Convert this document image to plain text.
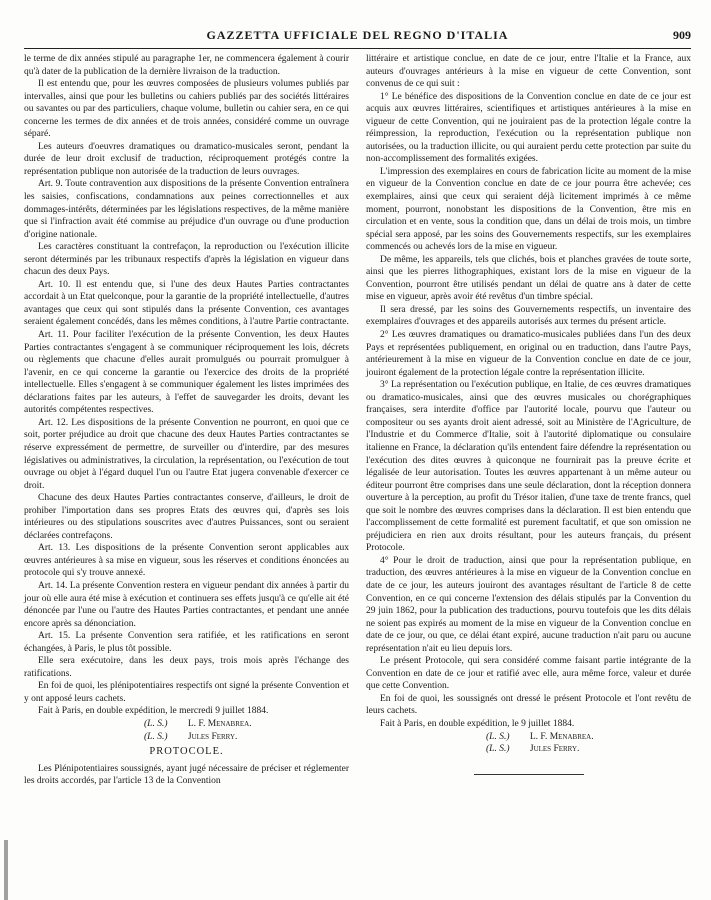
GAZZETTA UFFICIALE DEL REGNO D'ITALIA	909

le terme de dix années stipulé au paragraphe 1er, ne commencera également à courir qu'à dater de la publication de la dernière livraison de la traduction.

Il est entendu que, pour les œuvres composées de plusieurs volumes publiés par intervalles, ainsi que pour les bulletins ou cahiers publiés par des sociétés littéraires ou savantes ou par des particuliers, chaque volume, bulletin ou cahier sera, en ce qui concerne les termes de dix années et de trois années, considéré comme un ouvrage séparé.

Les auteurs d'oeuvres dramatiques ou dramatico-musicales seront, pendant la durée de leur droit exclusif de traduction, réciproquement protégés contre la représentation publique non autorisée de la traduction de leurs ouvrages.

Art. 9. Toute contravention aux dispositions de la présente Convention entraînera les saisies, confiscations, condamnations aux peines correctionnelles et aux dommages-intérêts, déterminées par les législations respectives, de la même manière que si l'infraction avait été commise au préjudice d'un ouvrage ou d'une production d'origine nationale.

Les caractères constituant la contrefaçon, la reproduction ou l'exécution illicite seront déterminés par les tribunaux respectifs d'après la législation en vigueur dans chacun des deux Pays.

Art. 10. Il est entendu que, si l'une des deux Hautes Parties contractantes accordait à un Etat quelconque, pour la garantie de la propriété intellectuelle, d'autres avantages que ceux qui sont stipulés dans la présente Convention, ces avantages seraient également concédés, dans les mêmes conditions, à l'autre Partie contractante.

Art. 11. Pour faciliter l'exécution de la présente Convention, les deux Hautes Parties contractantes s'engagent à se communiquer réciproquement les lois, décrets ou règlements que chacune d'elles aurait promulgués ou pourrait promulguer à l'avenir, en ce qui concerne la garantie ou l'exercice des droits de la propriété intellectuelle. Elles s'engagent à se communiquer également les listes imprimées des déclarations faites par les auteurs, à l'effet de sauvegarder les droits, devant les autorités compétentes respectives.

Art. 12. Les dispositions de la présente Convention ne pourront, en quoi que ce soit, porter préjudice au droit que chacune des deux Hautes Parties contractantes se réserve expressément de permettre, de surveiller ou d'interdire, par des mesures législatives ou administratives, la circulation, la représentation, ou l'exécution de tout ouvrage ou objet à l'égard duquel l'un ou l'autre Etat jugera convenable d'exercer ce droit.

Chacune des deux Hautes Parties contractantes conserve, d'ailleurs, le droit de prohiber l'importation dans ses propres Etats des œuvres qui, d'après ses lois intérieures ou des stipulations souscrites avec d'autres Puissances, sont ou seraient déclarées contrefaçons.

Art. 13. Les dispositions de la présente Convention seront applicables aux œuvres antérieures à sa mise en vigueur, sous les réserves et conditions énoncées au protocole qui s'y trouve annexé.

Art. 14. La présente Convention restera en vigueur pendant dix années à partir du jour où elle aura été mise à exécution et continuera ses effets jusqu'à ce qu'elle ait été dénoncée par l'une ou l'autre des Hautes Parties contractantes, et pendant une année encore après sa dénonciation.

Art. 15. La présente Convention sera ratifiée, et les ratifications en seront échangées, à Paris, le plus tôt possible.

Elle sera exécutoire, dans les deux pays, trois mois après l'échange des ratifications.

En foi de quoi, les plénipotentiaires respectifs ont signé la présente Convention et y ont apposé leurs cachets.

Fait à Paris, en double expédition, le mercredi 9 juillet 1884.

(L. S.) L. F. Menabrea.

(L. S.) Jules Ferry.

PROTOCOLE.

Les Plénipotentiaires soussignés, ayant jugé nécessaire de préciser et réglementer les droits accordés, par l'article 13 de la Convention

littéraire et artistique conclue, en date de ce jour, entre l'Italie et la France, aux auteurs d'ouvrages antérieurs à la mise en vigueur de cette Convention, sont convenus de ce qui suit :

1° Le bénéfice des dispositions de la Convention conclue en date de ce jour est acquis aux œuvres littéraires, scientifiques et artistiques antérieures à la mise en vigueur de cette Convention, qui ne jouiraient pas de la protection légale contre la réimpression, la reproduction, l'exécution ou la représentation publique non autorisées, ou la traduction illicite, ou qui auraient perdu cette protection par suite du non-accomplissement des formalités exigées.

L'impression des exemplaires en cours de fabrication licite au moment de la mise en vigueur de la Convention conclue en date de ce jour pourra être achevée; ces exemplaires, ainsi que ceux qui seraient déjà licitement imprimés à ce même moment, pourront, nonobstant les dispositions de la Convention, être mis en circulation et en vente, sous la condition que, dans un délai de trois mois, un timbre spécial sera apposé, par les soins des Gouvernements respectifs, sur les exemplaires commencés ou achevés lors de la mise en vigueur.

De même, les appareils, tels que clichés, bois et planches gravées de toute sorte, ainsi que les pierres lithographiques, existant lors de la mise en vigueur de la Convention, pourront être utilisés pendant un délai de quatre ans à dater de cette mise en vigueur, après avoir été revêtus d'un timbre spécial.

Il sera dressé, par les soins des Gouvernements respectifs, un inventaire des exemplaires d'ouvrages et des appareils autorisés aux termes du présent article.

2° Les œuvres dramatiques ou dramatico-musicales publiées dans l'un des deux Pays et représentées publiquement, en original ou en traduction, dans l'autre Pays, antérieurement à la mise en vigueur de la Convention conclue en date de ce jour, jouiront également de la protection légale contre la représentation illicite.

3° La représentation ou l'exécution publique, en Italie, de ces œuvres dramatiques ou dramatico-musicales, ainsi que des œuvres musicales ou chorégraphiques françaises, sera interdite d'office par l'autorité locale, pourvu que l'auteur ou compositeur ou ses ayants droit aient adressé, soit au Ministère de l'Agriculture, de l'Industrie et du Commerce d'Italie, soit à l'autorité diplomatique ou consulaire italienne en France, la déclaration qu'ils entendent faire défendre la représentation ou l'exécution des dites œuvres à quiconque ne fournirait pas la preuve écrite et légalisée de leur autorisation. Toutes les œuvres appartenant à un même auteur ou éditeur pourront être comprises dans une seule déclaration, dont la réception donnera ouverture à la perception, au profit du Trésor italien, d'une taxe de trente francs, quel que soit le nombre des œuvres comprises dans la déclaration. Il est bien entendu que l'accomplissement de cette formalité est purement facultatif, et que son omission ne préjudiciera en rien aux droits résultant, pour les auteurs français, du présent Protocole.

4° Pour le droit de traduction, ainsi que pour la représentation publique, en traduction, des œuvres antérieures à la mise en vigueur de la Convention conclue en date de ce jour, les auteurs jouiront des avantages résultant de l'article 8 de cette Convention, en ce qui concerne l'extension des délais stipulés par la Convention du 29 juin 1862, pour la publication des traductions, pourvu toutefois que les dits délais ne soient pas expirés au moment de la mise en vigueur de la Convention conclue en date de ce jour, ou que, ce délai étant expiré, aucune traduction n'ait paru ou aucune représentation n'ait eu lieu depuis lors.

Le présent Protocole, qui sera considéré comme faisant partie intégrante de la Convention en date de ce jour et ratifié avec elle, aura même force, valeur et durée que cette Convention.

En foi de quoi, les soussignés ont dressé le présent Protocole et l'ont revêtu de leurs cachets.

Fait à Paris, en double expédition, le 9 juillet 1884.

(L. S.) L. F. Menabrea.

(L. S.) Jules Ferry.
